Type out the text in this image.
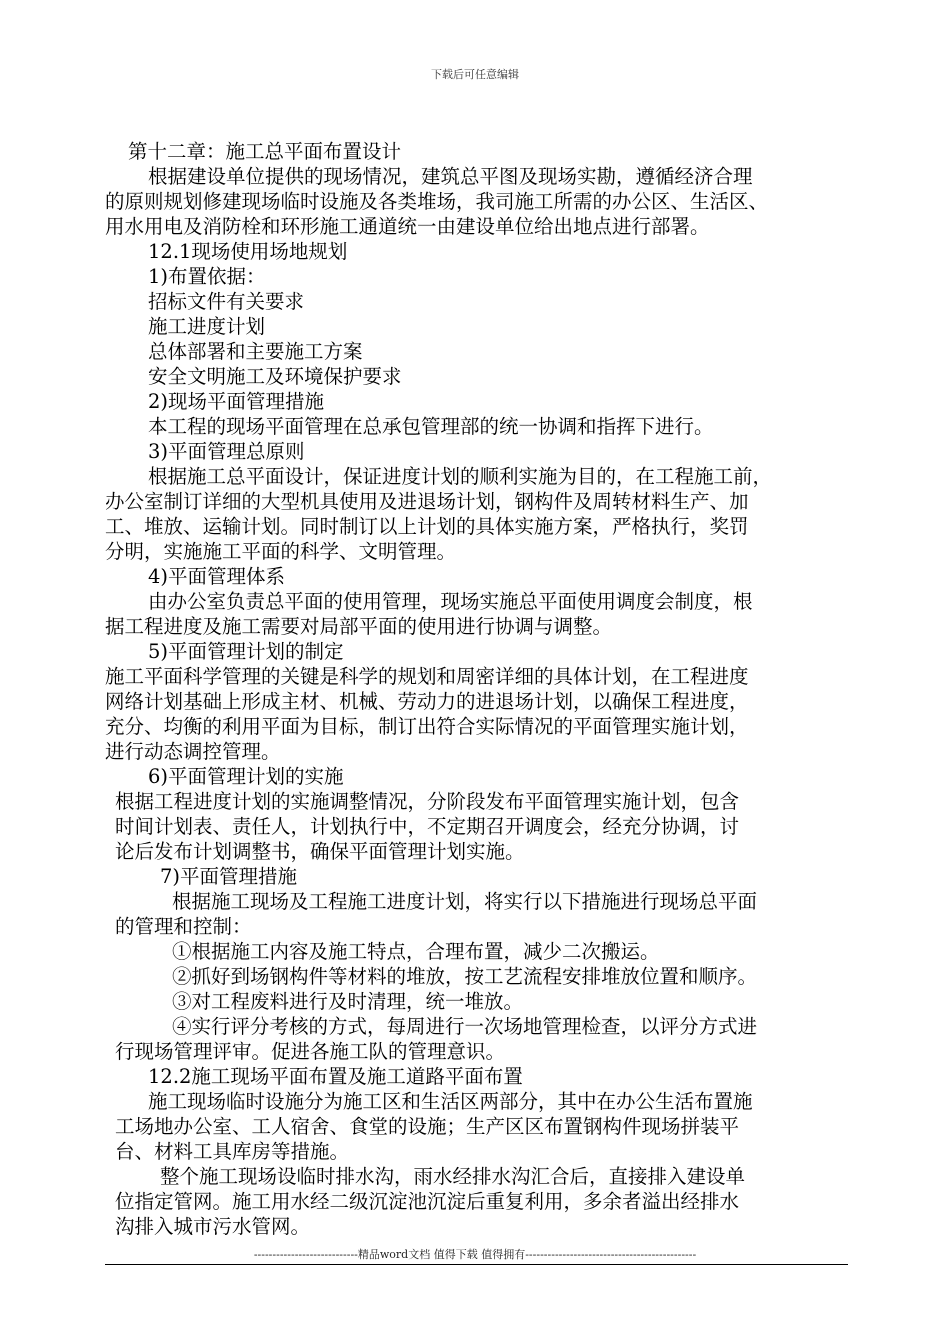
下载后可任意编辑
第十二章：施工总平面布置设计
根据建设单位提供的现场情况，建筑总平图及现场实勘，遵循经济合理
的原则规划修建现场临时设施及各类堆场，我司施工所需的办公区、生活区、
用水用电及消防栓和环形施工通道统一由建设单位给出地点进行部署。
12.1现场使用场地规划
1)布置依据：
招标文件有关要求
施工进度计划
总体部署和主要施工方案
安全文明施工及环境保护要求
2)现场平面管理措施
本工程的现场平面管理在总承包管理部的统一协调和指挥下进行。
3)平面管理总原则
根据施工总平面设计，保证进度计划的顺利实施为目的，在工程施工前，
办公室制订详细的大型机具使用及进退场计划，钢构件及周转材料生产、加
工、堆放、运输计划。同时制订以上计划的具体实施方案，严格执行，奖罚
分明，实施施工平面的科学、文明管理。
4)平面管理体系
由办公室负责总平面的使用管理，现场实施总平面使用调度会制度，根
据工程进度及施工需要对局部平面的使用进行协调与调整。
5)平面管理计划的制定
施工平面科学管理的关键是科学的规划和周密详细的具体计划，在工程进度
网络计划基础上形成主材、机械、劳动力的进退场计划，以确保工程进度，
充分、均衡的利用平面为目标，制订出符合实际情况的平面管理实施计划，
进行动态调控管理。
6)平面管理计划的实施
根据工程进度计划的实施调整情况，分阶段发布平面管理实施计划，包含
时间计划表、责任人，计划执行中，不定期召开调度会，经充分协调，讨
论后发布计划调整书，确保平面管理计划实施。
7)平面管理措施
根据施工现场及工程施工进度计划，将实行以下措施进行现场总平面
的管理和控制：
①根据施工内容及施工特点，合理布置，减少二次搬运。
②抓好到场钢构件等材料的堆放，按工艺流程安排堆放位置和顺序。
③对工程废料进行及时清理，统一堆放。
④实行评分考核的方式，每周进行一次场地管理检查，以评分方式进
行现场管理评审。促进各施工队的管理意识。
12.2施工现场平面布置及施工道路平面布置
施工现场临时设施分为施工区和生活区两部分，其中在办公生活布置施
工场地办公室、工人宿舍、食堂的设施；生产区区布置钢构件现场拼装平
台、材料工具库房等措施。
整个施工现场设临时排水沟，雨水经排水沟汇合后，直接排入建设单
位指定管网。施工用水经二级沉淀池沉淀后重复利用，多余者溢出经排水
沟排入城市污水管网。
----------------------------精品word文档 值得下载 值得拥有----------------------------------------------
